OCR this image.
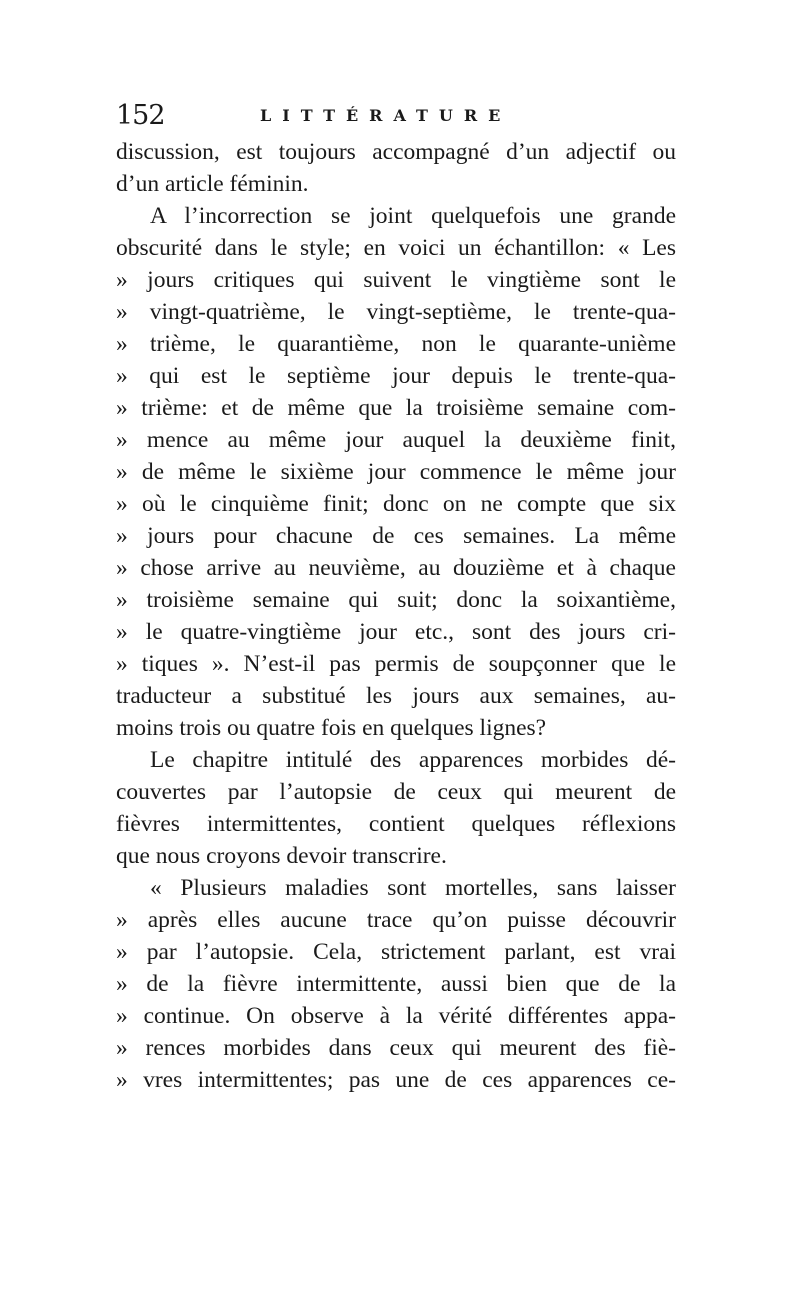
152	LITTÉRATURE
discussion, est toujours accompagné d’un adjectif ou
d’un article féminin.
A l’incorrection se joint quelquefois une grande
obscurité dans le style; en voici un échantillon: « Les
» jours critiques qui suivent le vingtième sont le
» vingt-quatrième, le vingt-septième, le trente-qua-
» trième, le quarantième, non le quarante-unième
» qui est le septième jour depuis le trente-qua-
» trième: et de même que la troisième semaine com-
» mence au même jour auquel la deuxième finit,
» de même le sixième jour commence le même jour
» où le cinquième finit; donc on ne compte que six
» jours pour chacune de ces semaines. La même
» chose arrive au neuvième, au douzième et à chaque
» troisième semaine qui suit; donc la soixantième,
» le quatre-vingtième jour etc., sont des jours cri-
» tiques ». N’est-il pas permis de soupçonner que le
traducteur a substitué les jours aux semaines, au-
moins trois ou quatre fois en quelques lignes?
Le chapitre intitulé des apparences morbides dé-
couvertes par l’autopsie de ceux qui meurent de
fièvres intermittentes, contient quelques réflexions
que nous croyons devoir transcrire.
« Plusieurs maladies sont mortelles, sans laisser
» après elles aucune trace qu’on puisse découvrir
» par l’autopsie. Cela, strictement parlant, est vrai
» de la fièvre intermittente, aussi bien que de la
» continue. On observe à la vérité différentes appa-
» rences morbides dans ceux qui meurent des fiè-
» vres intermittentes; pas une de ces apparences ce-
